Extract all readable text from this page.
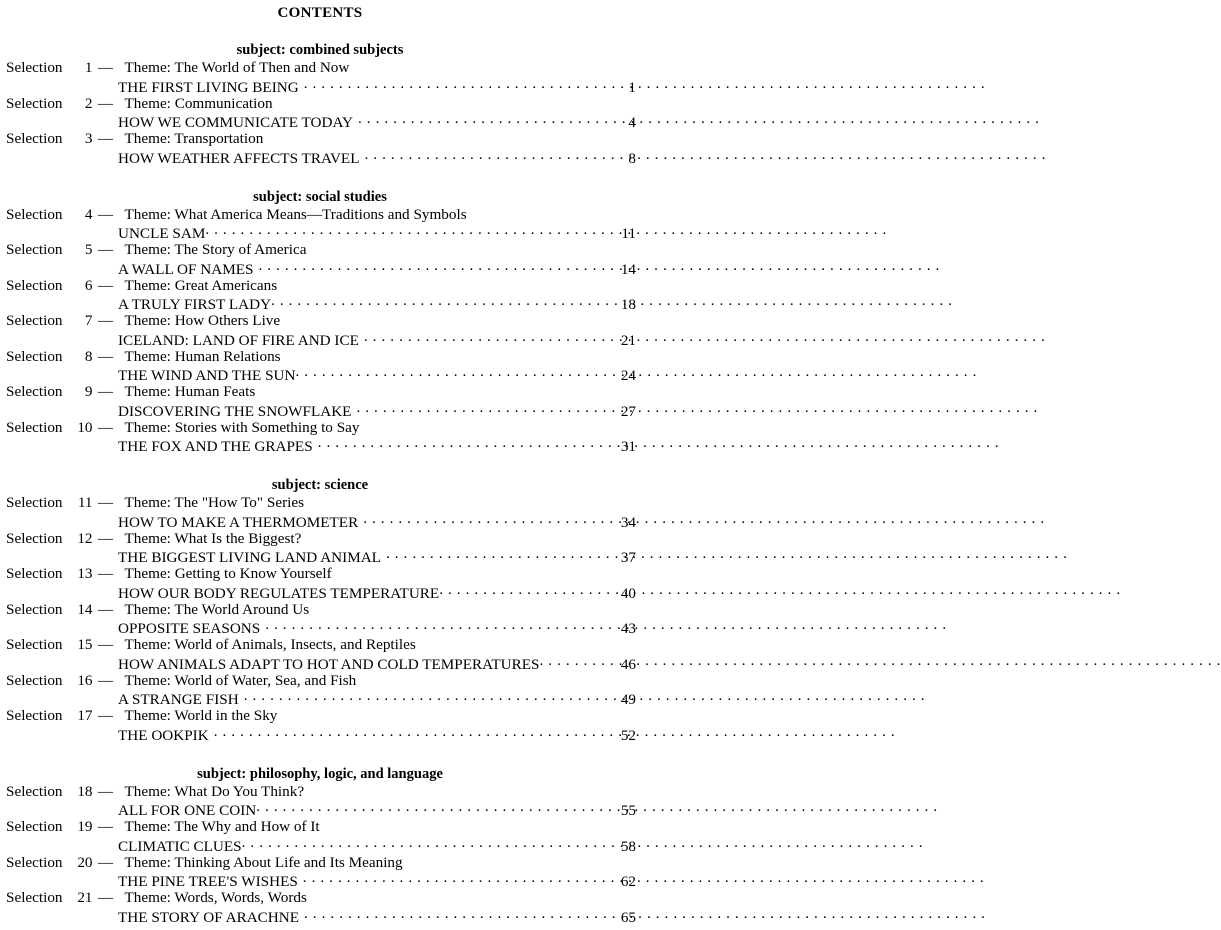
CONTENTS
subject: combined subjects
Selection	1 — Theme: The World of Then and Now
THE FIRST LIVING BEING . . .	1
Selection	2 — Theme: Communication
HOW WE COMMUNICATE TODAY . . .	4
Selection	3 — Theme: Transportation
HOW WEATHER AFFECTS TRAVEL . . .	8
subject: social studies
Selection	4 — Theme: What America Means—Traditions and Symbols
UNCLE SAM . . .	11
Selection	5 — Theme: The Story of America
A WALL OF NAMES . . .	14
Selection	6 — Theme: Great Americans
A TRULY FIRST LADY . . .	18
Selection	7 — Theme: How Others Live
ICELAND: LAND OF FIRE AND ICE . . .	21
Selection	8 — Theme: Human Relations
THE WIND AND THE SUN . . .	24
Selection	9 — Theme: Human Feats
DISCOVERING THE SNOWFLAKE . . .	27
Selection 10 — Theme: Stories with Something to Say
THE FOX AND THE GRAPES . . .	31
subject: science
Selection	11 — Theme: The "How To" Series
HOW TO MAKE A THERMOMETER . . .	34
Selection 12 — Theme: What Is the Biggest?
THE BIGGEST LIVING LAND ANIMAL . . .	37
Selection 13 — Theme: Getting to Know Yourself
HOW OUR BODY REGULATES TEMPERATURE . . .	40
Selection 14 — Theme: The World Around Us
OPPOSITE SEASONS . . .	43
Selection 15 — Theme: World of Animals, Insects, and Reptiles
HOW ANIMALS ADAPT TO HOT AND COLD TEMPERATURES . . .	46
Selection 16 — Theme: World of Water, Sea, and Fish
A STRANGE FISH . . .	49
Selection 17 — Theme: World in the Sky
THE OOKPIK . . .	52
subject: philosophy, logic, and language
Selection 18 — Theme: What Do You Think?
ALL FOR ONE COIN . . .	55
Selection 19 — Theme: The Why and How of It
CLIMATIC CLUES . . .	58
Selection 20 — Theme: Thinking About Life and Its Meaning
THE PINE TREE'S WISHES . . .	62
Selection 21 — Theme: Words, Words, Words
THE STORY OF ARACHNE . . .	65
